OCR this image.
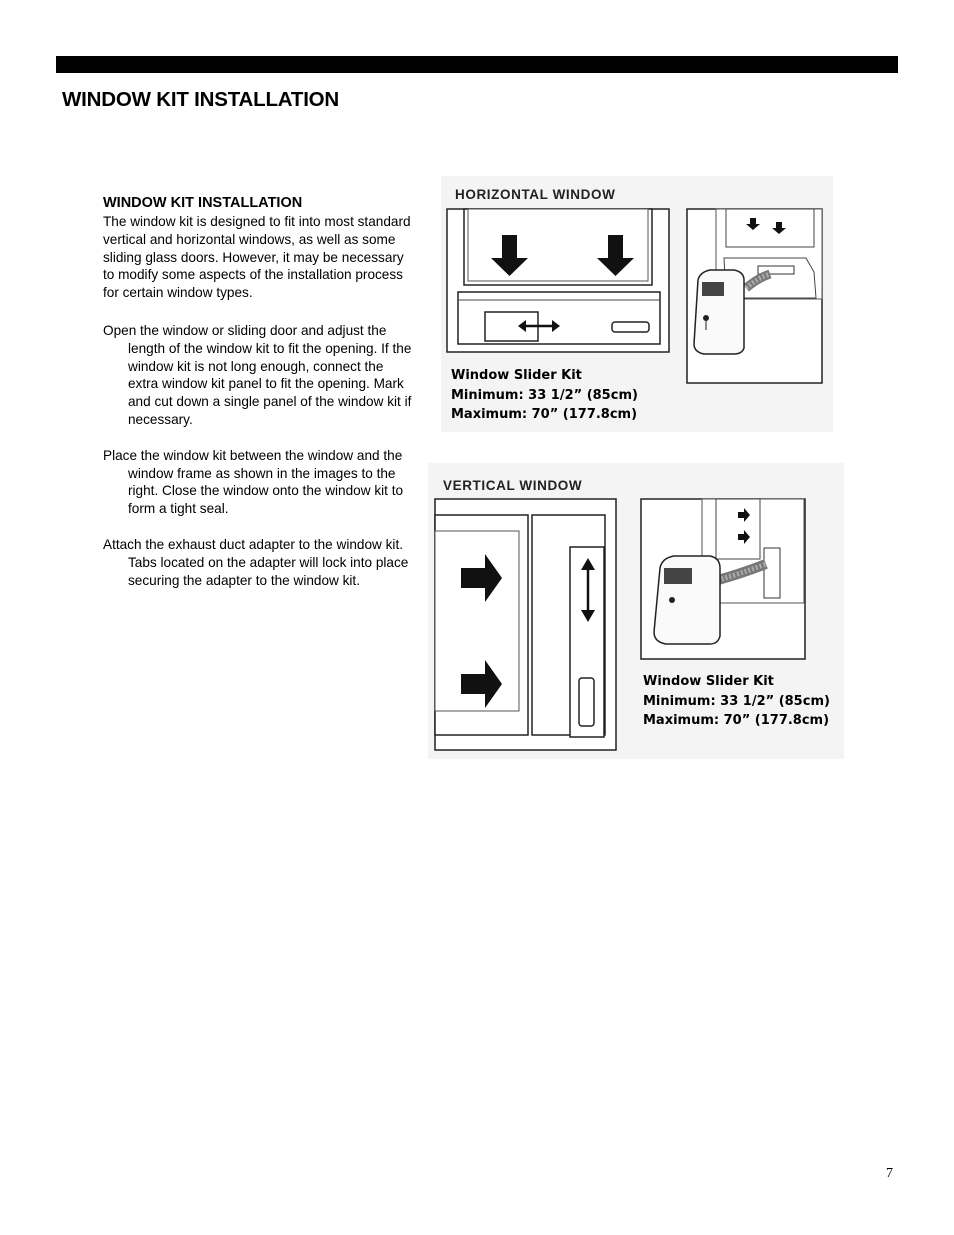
WINDOW KIT INSTALLATION
WINDOW KIT INSTALLATION

The window kit is designed to fit into most standard vertical and horizontal windows, as well as some sliding glass doors. However, it may be necessary to modify some aspects of the installation process for certain window types.

Open the window or sliding door and adjust the length of the window kit to fit the opening. If the window kit is not long enough, connect the extra window kit panel to fit the opening. Mark and cut down a single panel of the window kit if necessary.

Place the window kit between the window and the window frame as shown in the images to the right. Close the window onto the window kit to form a tight seal.

Attach the exhaust duct adapter to the window kit. Tabs located on the adapter will lock into place securing the adapter to the window kit.

HORIZONTAL WINDOW
Window Slider Kit
Minimum: 33 1/2” (85cm)
Maximum: 70” (177.8cm)
VERTICAL WINDOW
Window Slider Kit
Minimum: 33 1/2” (85cm)
Maximum: 70” (177.8cm)
7
